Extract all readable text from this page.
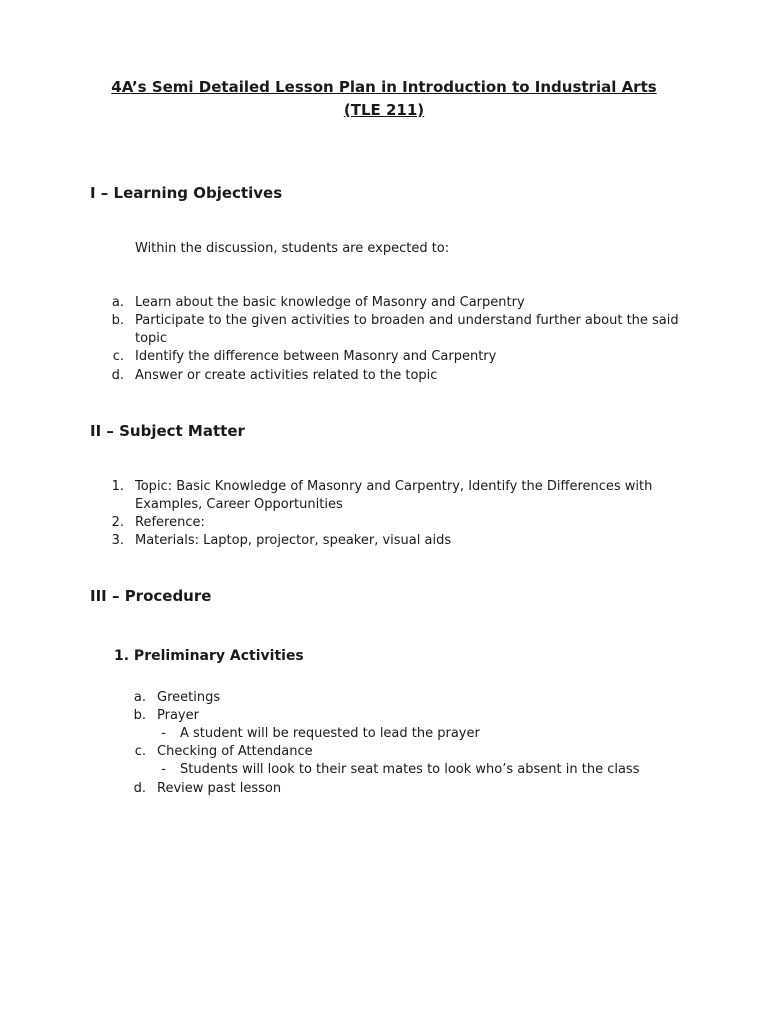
4A’s Semi Detailed Lesson Plan in Introduction to Industrial Arts
(TLE 211)
I – Learning Objectives

Within the discussion, students are expected to:

a. Learn about the basic knowledge of Masonry and Carpentry

b. Participate to the given activities to broaden and understand further about the said

topic

c. Identify the difference between Masonry and Carpentry

d. Answer or create activities related to the topic

II – Subject Matter
1. Topic: Basic Knowledge of Masonry and Carpentry, Identify the Differences with

Examples, Career Opportunities

2. Reference:

3. Materials: Laptop, projector, speaker, visual aids

III – Procedure
1. Preliminary Activities
a. Greetings

b. Prayer

- A student will be requested to lead the prayer

c. Checking of Attendance

- Students will look to their seat mates to look who’s absent in the class

d. Review past lesson
